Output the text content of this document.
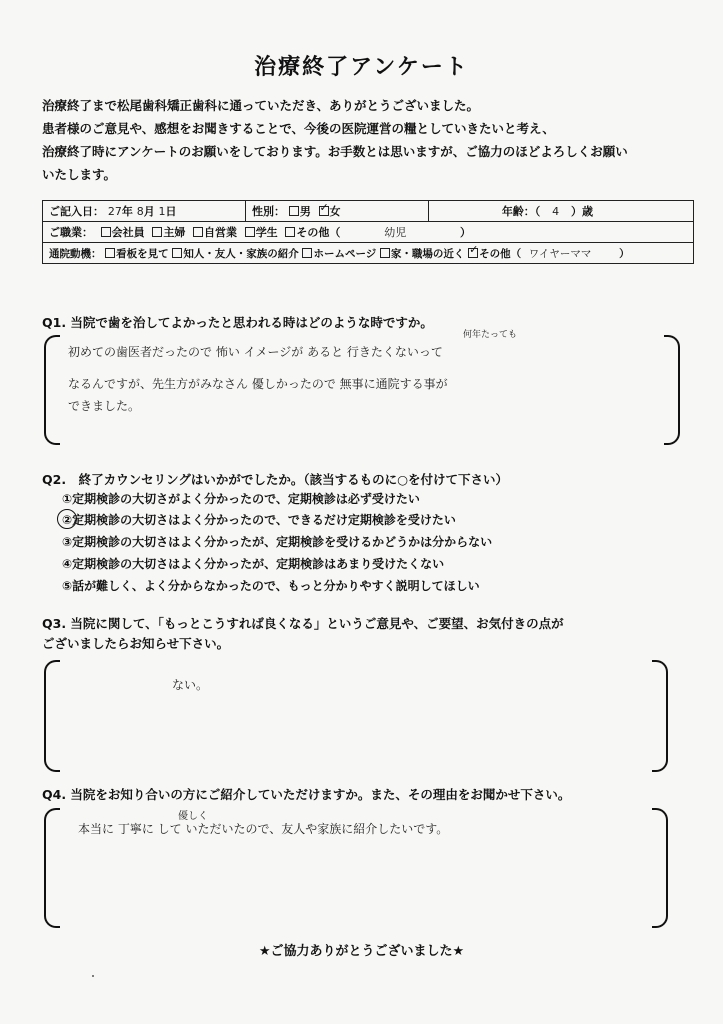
治療終了アンケート
治療終了まで松尾歯科矯正歯科に通っていただき、ありがとうございました。
患者様のご意見や、感想をお聞きすることで、今後の医院運営の糧としていきたいと考え、
治療終了時にアンケートのお願いをしております。お手数とは思いますが、ご協力のほどよろしくお願い
いたします。
ご記入日： 27年 8月 1日	性別： 男 ✓ 女	年齢：（ 4 ）歳
ご職業： 会社員 主婦 自営業 学生 その他（	幼児	）
通院動機： 看板を見て 知人・友人・家族の紹介 ホームページ 家・職場の近く ✓ その他（ ワイヤーママ	）
Q1. 当院で歯を治してよかったと思われる時はどのような時ですか。
何年たっても
初めての歯医者だったので 怖い イメージが あると 行きたくないって
なるんですが、先生方がみなさん 優しかったので 無事に通院する事が
できました。
Q2.　終了カウンセリングはいかがでしたか。（該当するものに○を付けて下さい）
①定期検診の大切さがよく分かったので、定期検診は必ず受けたい
②定期検診の大切さはよく分かったので、できるだけ定期検診を受けたい
③定期検診の大切さはよく分かったが、定期検診を受けるかどうかは分からない
④定期検診の大切さはよく分かったが、定期検診はあまり受けたくない
⑤話が難しく、よく分からなかったので、もっと分かりやすく説明してほしい
Q3. 当院に関して、「もっとこうすれば良くなる」というご意見や、ご要望、お気付きの点が
ございましたらお知らせ下さい。
ない。
Q4. 当院をお知り合いの方にご紹介していただけますか。また、その理由をお聞かせ下さい。
優しく
本当に 丁寧に して いただいたので、友人や家族に紹介したいです。
★ご協力ありがとうございました★
